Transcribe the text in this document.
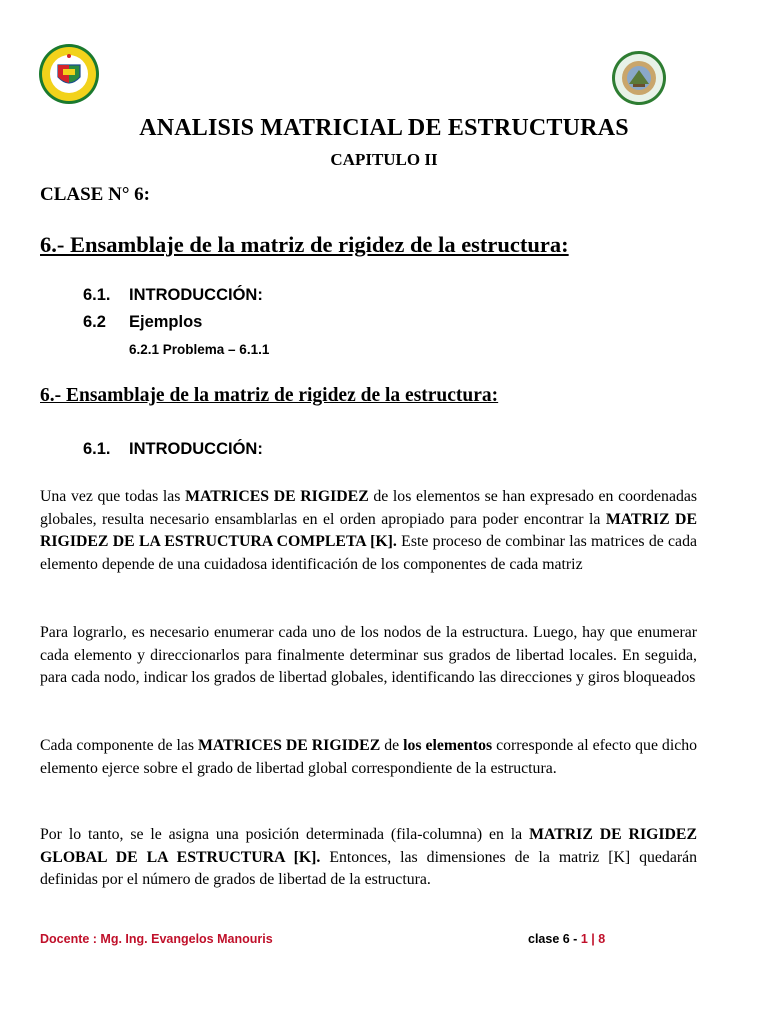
ANALISIS MATRICIAL DE ESTRUCTURAS
CAPITULO II
CLASE N° 6:
6.- Ensamblaje de la matriz de rigidez de la estructura:
6.1. INTRODUCCIÓN:
6.2 Ejemplos
6.2.1 Problema – 6.1.1
6.- Ensamblaje de la matriz de rigidez de la estructura:
6.1. INTRODUCCIÓN:
Una vez que todas las MATRICES DE RIGIDEZ de los elementos se han expresado en coordenadas globales, resulta necesario ensamblarlas en el orden apropiado para poder encontrar la MATRIZ DE RIGIDEZ DE LA ESTRUCTURA COMPLETA [K]. Este proceso de combinar las matrices de cada elemento depende de una cuidadosa identificación de los componentes de cada matriz
Para lograrlo, es necesario enumerar cada uno de los nodos de la estructura. Luego, hay que enumerar cada elemento y direccionarlos para finalmente determinar sus grados de libertad locales. En seguida, para cada nodo, indicar los grados de libertad globales, identificando las direcciones y giros bloqueados
Cada componente de las MATRICES DE RIGIDEZ de los elementos corresponde al efecto que dicho elemento ejerce sobre el grado de libertad global correspondiente de la estructura.
Por lo tanto, se le asigna una posición determinada (fila-columna) en la MATRIZ DE RIGIDEZ GLOBAL DE LA ESTRUCTURA [K]. Entonces, las dimensiones de la matriz [K] quedarán definidas por el número de grados de libertad de la estructura.
Docente : Mg. Ing. Evangelos Manouris	clase 6 - 1 | 8
